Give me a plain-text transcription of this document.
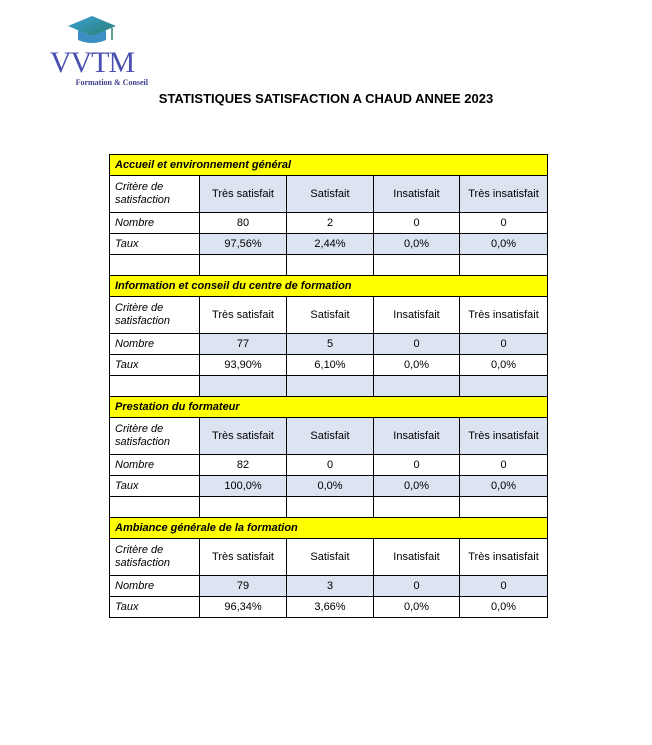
VVTM
Formation & Conseil
STATISTIQUES SATISFACTION A CHAUD ANNEE 2023
Accueil et environnement général				
Critère de satisfaction	Très satisfait	Satisfait	Insatisfait	Très insatisfait
Nombre	80	2	0	0
Taux	97,56%	2,44%	0,0%	0,0%

Information et conseil du centre de formation				
Critère de satisfaction	Très satisfait	Satisfait	Insatisfait	Très insatisfait
Nombre	77	5	0	0
Taux	93,90%	6,10%	0,0%	0,0%

Prestation du formateur				
Critère de satisfaction	Très satisfait	Satisfait	Insatisfait	Très insatisfait
Nombre	82	0	0	0
Taux	100,0%	0,0%	0,0%	0,0%

Ambiance générale de la formation				
Critère de satisfaction	Très satisfait	Satisfait	Insatisfait	Très insatisfait
Nombre	79	3	0	0
Taux	96,34%	3,66%	0,0%	0,0%
